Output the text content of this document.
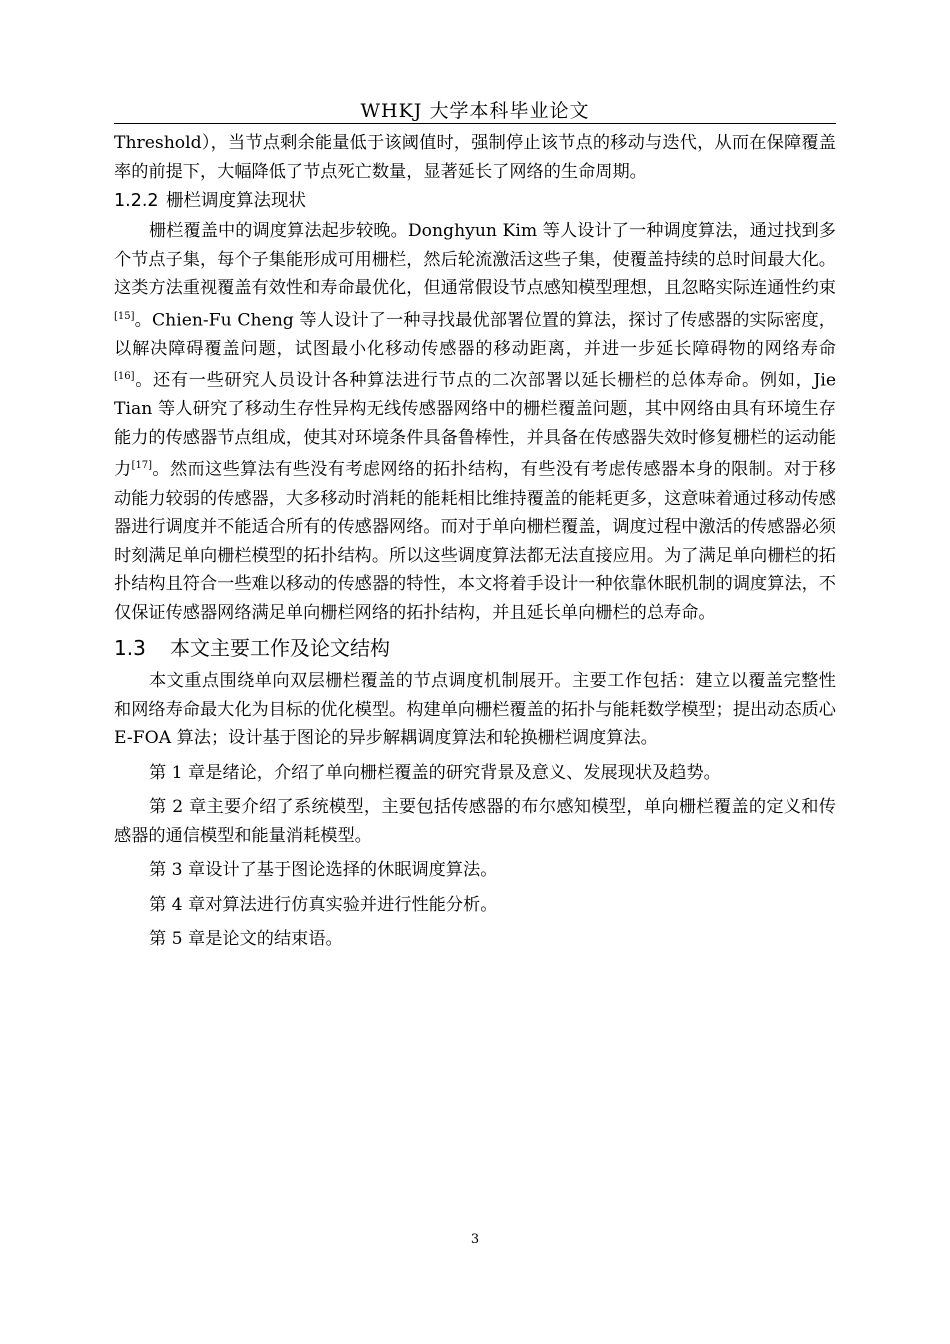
WHKJ 大学本科毕业论文

Threshold），当节点剩余能量低于该阈值时，强制停止该节点的移动与迭代，从而在保障覆盖率的前提下，大幅降低了节点死亡数量，显著延长了网络的生命周期。

1.2.2 栅栏调度算法现状

栅栏覆盖中的调度算法起步较晚。Donghyun Kim 等人设计了一种调度算法，通过找到多个节点子集，每个子集能形成可用栅栏，然后轮流激活这些子集，使覆盖持续的总时间最大化。这类方法重视覆盖有效性和寿命最优化，但通常假设节点感知模型理想，且忽略实际连通性约束[15]。Chien-Fu Cheng 等人设计了一种寻找最优部署位置的算法，探讨了传感器的实际密度，以解决障碍覆盖问题，试图最小化移动传感器的移动距离，并进一步延长障碍物的网络寿命[16]。还有一些研究人员设计各种算法进行节点的二次部署以延长栅栏的总体寿命。例如，Jie Tian 等人研究了移动生存性异构无线传感器网络中的栅栏覆盖问题，其中网络由具有环境生存能力的传感器节点组成，使其对环境条件具备鲁棒性，并具备在传感器失效时修复栅栏的运动能力[17]。然而这些算法有些没有考虑网络的拓扑结构，有些没有考虑传感器本身的限制。对于移动能力较弱的传感器，大多移动时消耗的能耗相比维持覆盖的能耗更多，这意味着通过移动传感器进行调度并不能适合所有的传感器网络。而对于单向栅栏覆盖，调度过程中激活的传感器必须时刻满足单向栅栏模型的拓扑结构。所以这些调度算法都无法直接应用。为了满足单向栅栏的拓扑结构且符合一些难以移动的传感器的特性，本文将着手设计一种依靠休眠机制的调度算法，不仅保证传感器网络满足单向栅栏网络的拓扑结构，并且延长单向栅栏的总寿命。

1.3 本文主要工作及论文结构

本文重点围绕单向双层栅栏覆盖的节点调度机制展开。主要工作包括：建立以覆盖完整性和网络寿命最大化为目标的优化模型。构建单向栅栏覆盖的拓扑与能耗数学模型；提出动态质心 E-FOA 算法；设计基于图论的异步解耦调度算法和轮换栅栏调度算法。

第 1 章是绪论，介绍了单向栅栏覆盖的研究背景及意义、发展现状及趋势。

第 2 章主要介绍了系统模型，主要包括传感器的布尔感知模型，单向栅栏覆盖的定义和传感器的通信模型和能量消耗模型。

第 3 章设计了基于图论选择的休眠调度算法。

第 4 章对算法进行仿真实验并进行性能分析。

第 5 章是论文的结束语。

3
